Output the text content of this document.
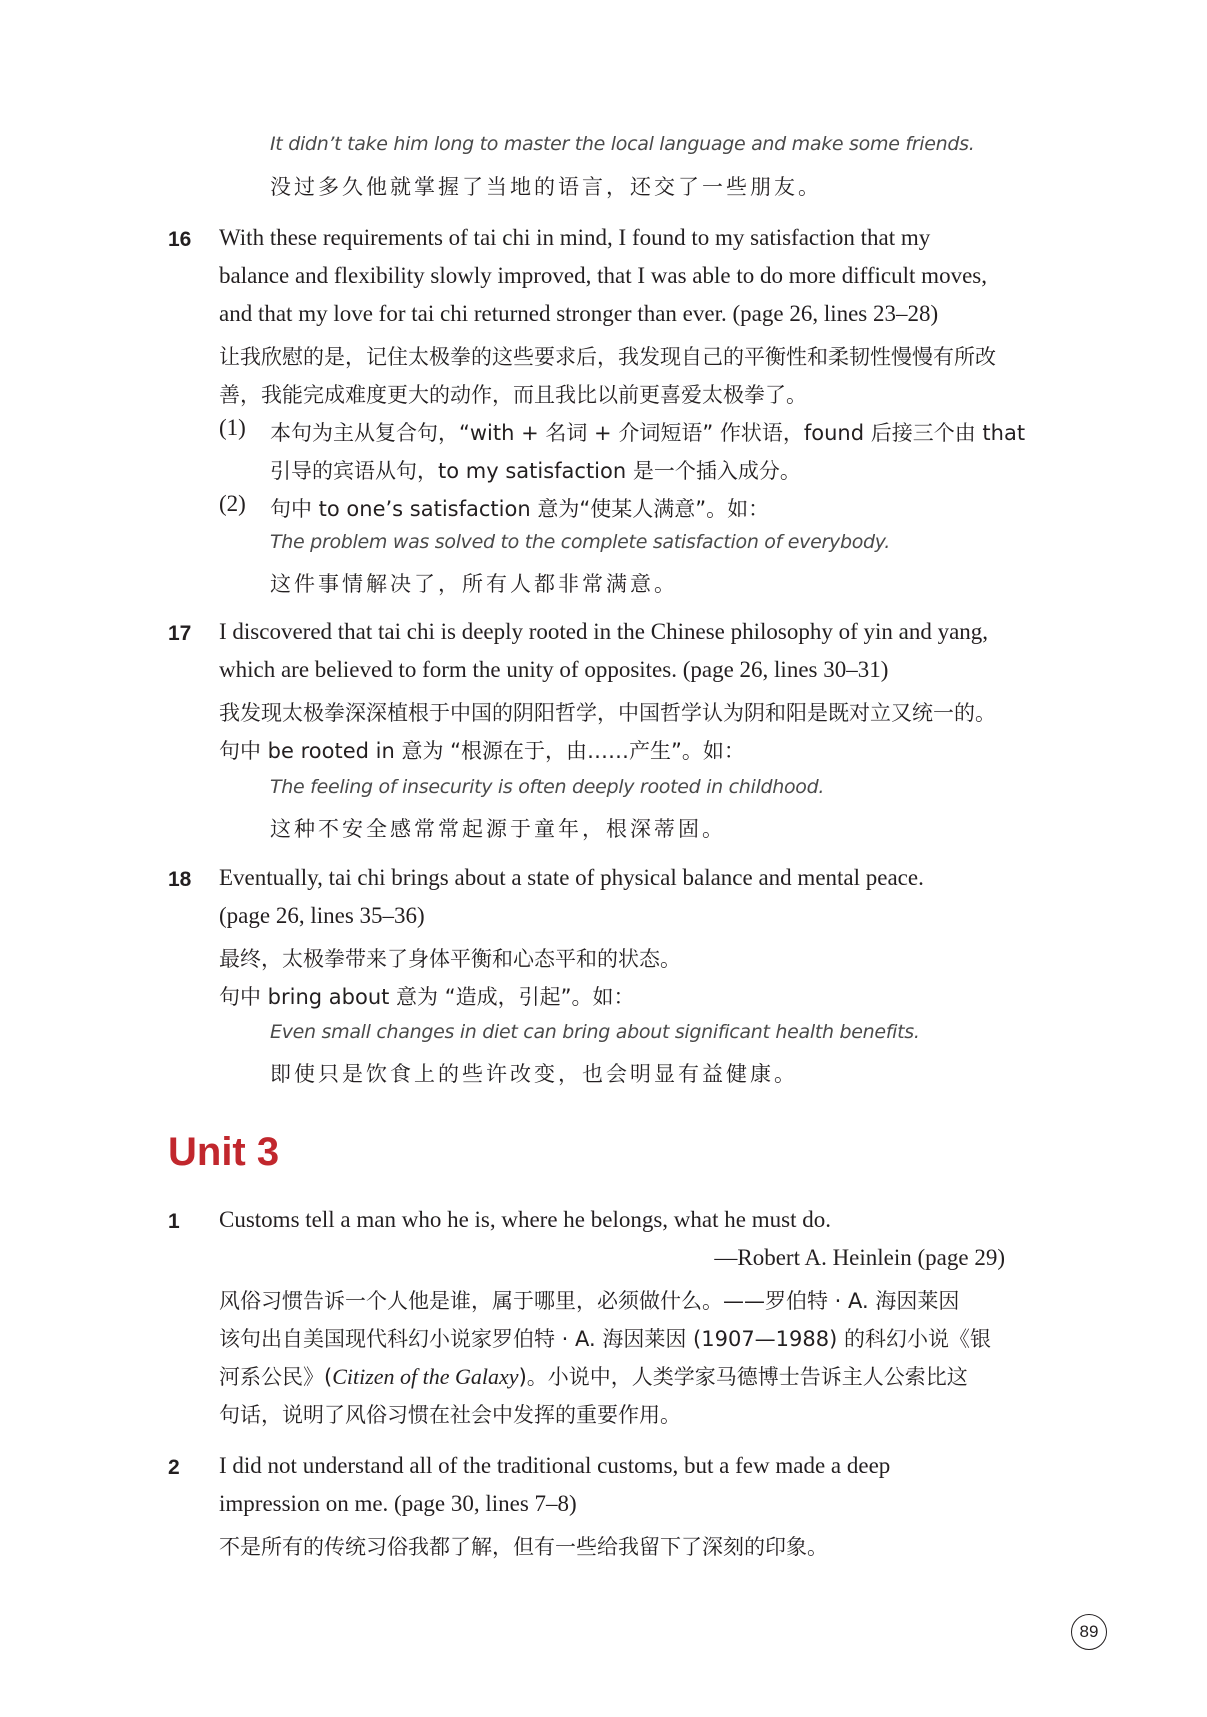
It didn’t take him long to master the local language and make some friends.
没过多久他就掌握了当地的语言，还交了一些朋友。
16	With these requirements of tai chi in mind, I found to my satisfaction that my
balance and flexibility slowly improved, that I was able to do more difficult moves,
and that my love for tai chi returned stronger than ever. (page 26, lines 23–28)
让我欣慰的是，记住太极拳的这些要求后，我发现自己的平衡性和柔韧性慢慢有所改
善，我能完成难度更大的动作，而且我比以前更喜爱太极拳了。
(1) 本句为主从复合句，“with + 名词 + 介词短语” 作状语，found 后接三个由 that
引导的宾语从句，to my satisfaction 是一个插入成分。
(2) 句中 to one’s satisfaction 意为“使某人满意”。如：
The problem was solved to the complete satisfaction of everybody.
这件事情解决了，所有人都非常满意。
17	I discovered that tai chi is deeply rooted in the Chinese philosophy of yin and yang,
which are believed to form the unity of opposites. (page 26, lines 30–31)
我发现太极拳深深植根于中国的阴阳哲学，中国哲学认为阴和阳是既对立又统一的。
句中 be rooted in 意为 “根源在于，由……产生”。如：
The feeling of insecurity is often deeply rooted in childhood.
这种不安全感常常起源于童年，根深蒂固。
18	Eventually, tai chi brings about a state of physical balance and mental peace.
(page 26, lines 35–36)
最终，太极拳带来了身体平衡和心态平和的状态。
句中 bring about 意为 “造成，引起”。如：
Even small changes in diet can bring about significant health benefits.
即使只是饮食上的些许改变，也会明显有益健康。
Unit 3
1	Customs tell a man who he is, where he belongs, what he must do.
—Robert A. Heinlein (page 29)
风俗习惯告诉一个人他是谁，属于哪里，必须做什么。——罗伯特 · A. 海因莱因
该句出自美国现代科幻小说家罗伯特 · A. 海因莱因 (1907—1988) 的科幻小说《银
河系公民》(Citizen of the Galaxy)。小说中，人类学家马德博士告诉主人公索比这
句话，说明了风俗习惯在社会中发挥的重要作用。
2	I did not understand all of the traditional customs, but a few made a deep
impression on me. (page 30, lines 7–8)
不是所有的传统习俗我都了解，但有一些给我留下了深刻的印象。
89
